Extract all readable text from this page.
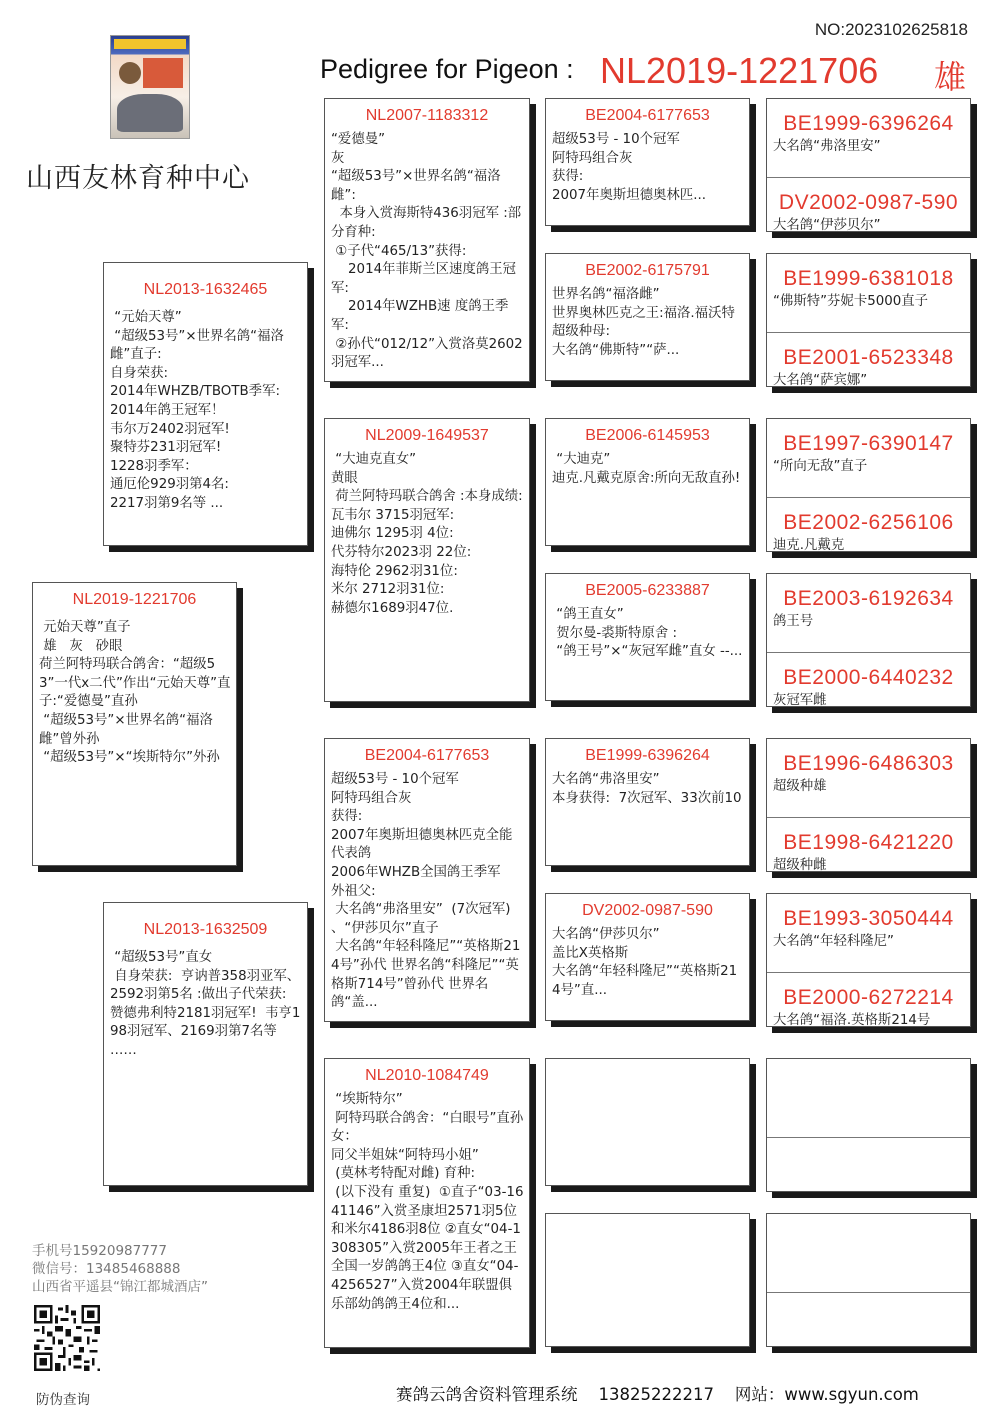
NO:2023102625818
Pedigree for Pigeon : NL2019-1221706 雄
山西友林育种中心
NL2019-1221706
元始天尊”直子
雄   灰   砂眼
荷兰阿特玛联合鸽舍：“超级53”一代x二代”作出“元始天尊”直子:“爱德曼”直孙
“超级53号”×世界名鸽“福洛雌”曾外孙
“超级53号”×“埃斯特尔”外孙
NL2013-1632465
“元始天尊”
“超级53号”×世界名鸽“福洛雌”直子:
自身荣获:
2014年WHZB/TBOTB季军:
2014年鸽王冠军！
韦尔万2402羽冠军!
聚特芬231羽冠军!
1228羽季军：
通厄伦929羽第4名:
2217羽第9名等 ...
NL2013-1632509
“超级53号”直女
自身荣获:  亨讷普358羽亚军、2592羽第5名 :做出子代荣获:  赞德弗利特2181羽冠军!  韦亨198羽冠军、2169羽第7名等 ……
NL2007-1183312
“爱德曼”
灰
“超级53号”×世界名鸽“福洛雌”:
本身入赏海斯特436羽冠军 :部分育种:
①子代“465/13”获得:
2014年菲斯兰区速度鸽王冠军:
2014年WZHB速 度鸽王季军:
②孙代“012/12”入赏洛莫2602羽冠军...
NL2009-1649537
“大迪克直女”
黄眼
荷兰阿特玛联合鸽舍 :本身成绩:
瓦韦尔 3715羽冠军:
迪佛尔 1295羽 4位:
代芬特尔2023羽 22位:
海特伦 2962羽31位:
米尔 2712羽31位:
赫德尔1689羽47位.
BE2004-6177653
超级53号 - 10个冠军
阿特玛组合灰
获得:
2007年奥斯坦德奥林匹克全能代表鸽
2006年WHZB全国鸽王季军
外祖父:
大名鸽“弗洛里安”  (7次冠军) 、“伊莎贝尔”直子
大名鸽“年轻科隆尼”“英格斯214号”孙代 世界名鸽“科隆尼”“英格斯714号”曾孙代 世界名鸽“盖...
NL2010-1084749
“埃斯特尔”
阿特玛联合鸽舍：“白眼号”直孙女：
同父半姐妹“阿特玛小姐”
(莫林考特配对雌) 育种:
(以下没有 重复)  ①直子“03-1641146”入赏圣康坦2571羽5位和米尔4186羽8位 ②直女“04-1308305”入赏2005年王者之王全国一岁鸽鸽王4位 ③直女“04-4256527”入赏2004年联盟俱乐部幼鸽鸽王4位和...
BE2004-6177653
超级53号 - 10个冠军
阿特玛组合灰
获得:
2007年奥斯坦德奥林匹...
BE2002-6175791
世界名鸽“福洛雌”
世界奥林匹克之王:福洛.福沃特超级种母:
大名鸽“佛斯特”“萨...
BE2006-6145953
“大迪克”
迪克.凡戴克原舍:所向无敌直孙!
BE2005-6233887
“鸽王直女”
贺尔曼-裘斯特原舍 :
“鸽王号”×“灰冠军雌”直女 --...
BE1999-6396264
大名鸽“弗洛里安”
本身获得:  7次冠军、33次前10
DV2002-0987-590
大名鸽“伊莎贝尔”
盖比X英格斯
大名鸽“年轻科隆尼”“英格斯214号”直...
BE1999-6396264
大名鸽“弗洛里安”
DV2002-0987-590
大名鸽“伊莎贝尔”
BE1999-6381018
“佛斯特”芬妮卡5000直子
BE2001-6523348
大名鸽“萨宾娜”
BE1997-6390147
“所向无敌”直子
BE2002-6256106
迪克.凡戴克
BE2003-6192634
鸽王号
BE2000-6440232
灰冠军雌
BE1996-6486303
超级种雄
BE1998-6421220
超级种雌
BE1993-3050444
大名鸽“年轻科隆尼”
BE2000-6272214
大名鸽“福洛.英格斯214号
手机号15920987777
微信号：13485468888
山西省平遥县“锦江都城酒店”
防伪查询	赛鸽云鸽舍资料管理系统    13825222217    网站：www.sgyun.com
